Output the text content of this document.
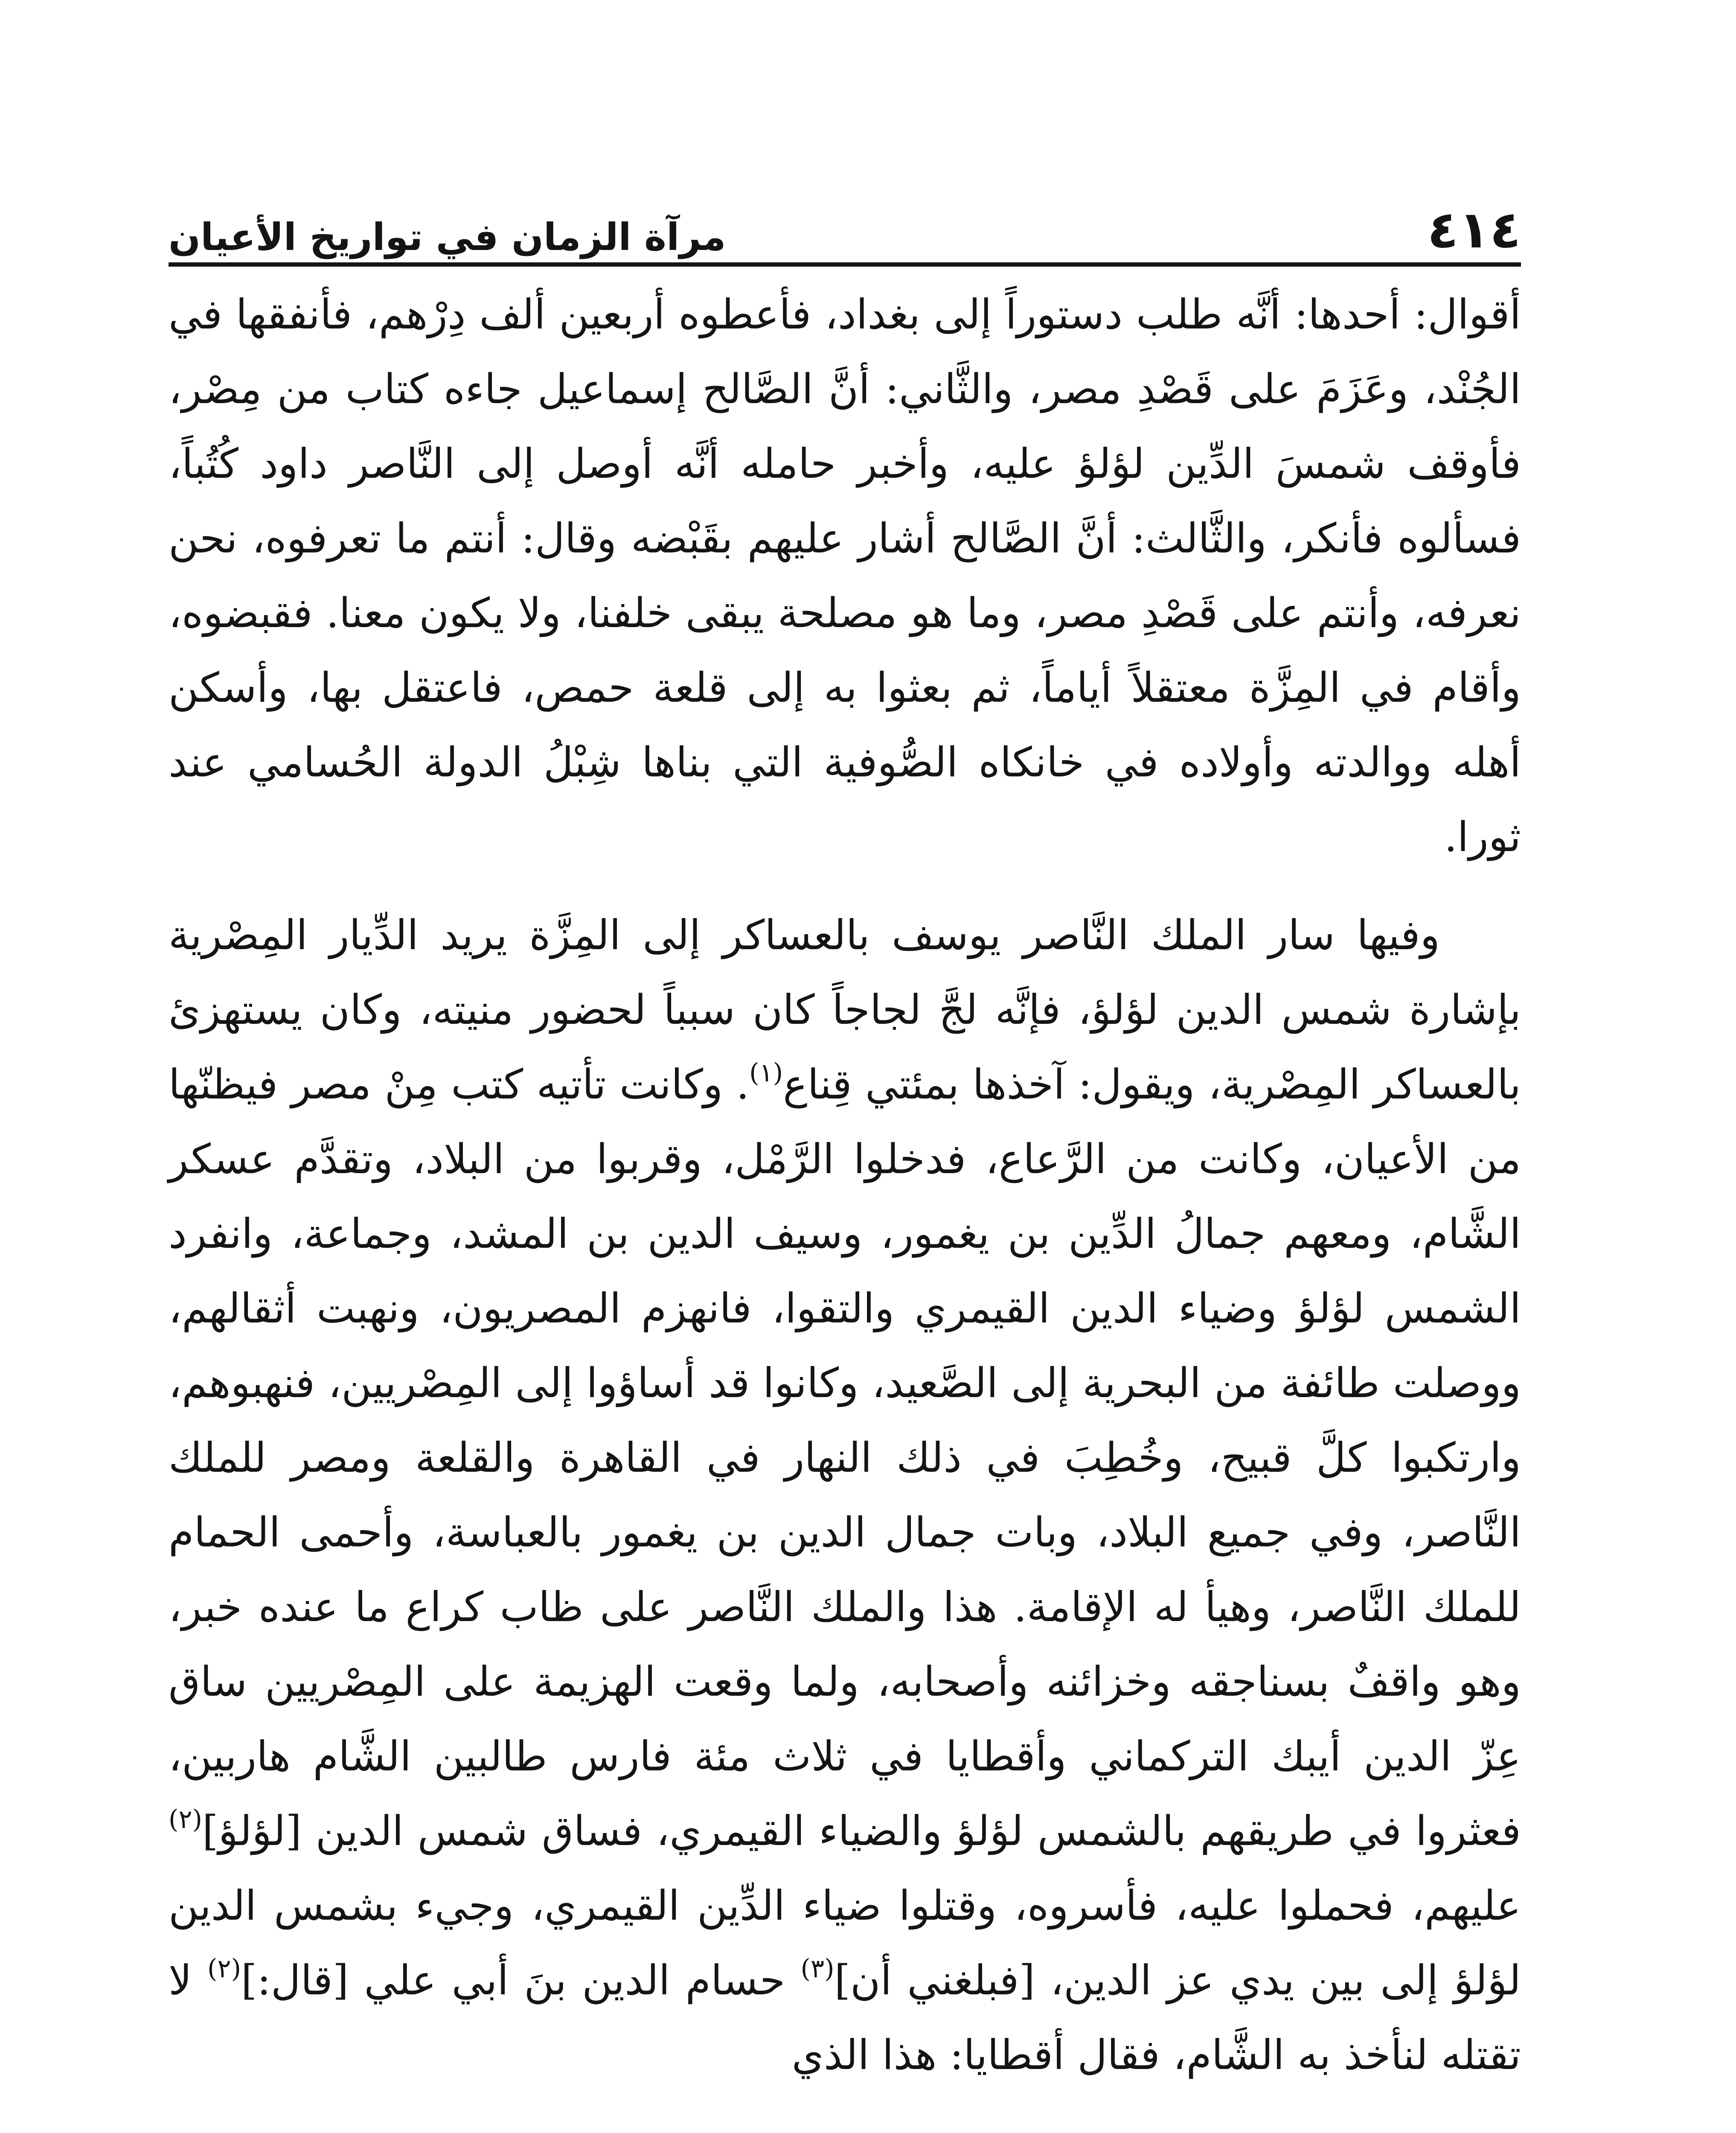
٤١٤
مرآة الزمان في تواريخ الأعيان

أقوال: أحدها: أنَّه طلب دستوراً إلى بغداد، فأعطوه أربعين ألف دِرْهم، فأنفقها في الجُنْد، وعَزَمَ على قَصْدِ مصر، والثَّاني: أنَّ الصَّالح إسماعيل جاءه كتاب من مِصْر، فأوقف شمسَ الدِّين لؤلؤ عليه، وأخبر حامله أنَّه أوصل إلى النَّاصر داود كُتُباً، فسألوه فأنكر، والثَّالث: أنَّ الصَّالح أشار عليهم بقَبْضه وقال: أنتم ما تعرفوه، نحن نعرفه، وأنتم على قَصْدِ مصر، وما هو مصلحة يبقى خلفنا، ولا يكون معنا. فقبضوه، وأقام في المِزَّة معتقلاً أياماً، ثم بعثوا به إلى قلعة حمص، فاعتقل بها، وأسكن أهله ووالدته وأولاده في خانكاه الصُّوفية التي بناها شِبْلُ الدولة الحُسامي عند ثورا.

وفيها سار الملك النَّاصر يوسف بالعساكر إلى المِزَّة يريد الدِّيار المِصْرية بإشارة شمس الدين لؤلؤ، فإنَّه لجَّ لجاجاً كان سبباً لحضور منيته، وكان يستهزئ بالعساكر المِصْرية، ويقول: آخذها بمئتي قِناع$^{(١)}$. وكانت تأتيه كتب مِنْ مصر فيظنّها من الأعيان، وكانت من الرَّعاع، فدخلوا الرَّمْل، وقربوا من البلاد، وتقدَّم عسكر الشَّام، ومعهم جمالُ الدِّين بن يغمور، وسيف الدين بن المشد، وجماعة، وانفرد الشمس لؤلؤ وضياء الدين القيمري والتقوا، فانهزم المصريون، ونهبت أثقالهم، ووصلت طائفة من البحرية إلى الصَّعيد، وكانوا قد أساؤوا إلى المِصْريين، فنهبوهم، وارتكبوا كلَّ قبيح، وخُطِبَ في ذلك النهار في القاهرة والقلعة ومصر للملك النَّاصر، وفي جميع البلاد، وبات جمال الدين بن يغمور بالعباسة، وأحمى الحمام للملك النَّاصر، وهيأ له الإقامة. هذا والملك النَّاصر على ظاب كراع ما عنده خبر، وهو واقفٌ بسناجقه وخزائنه وأصحابه، ولما وقعت الهزيمة على المِصْريين ساق عِزّ الدين أيبك التركماني وأقطايا في ثلاث مئة فارس طالبين الشَّام هاربين، فعثروا في طريقهم بالشمس لؤلؤ والضياء القيمري، فساق شمس الدين [لؤلؤ]$^{(٢)}$ عليهم، فحملوا عليه، فأسروه، وقتلوا ضياء الدِّين القيمري، وجيء بشمس الدين لؤلؤ إلى بين يدي عز الدين، [فبلغني أن]$^{(٣)}$ حسام الدين بنَ أبي علي [قال:]$^{(٢)}$ لا تقتله لنأخذ به الشَّام، فقال أقطايا: هذا الذي
